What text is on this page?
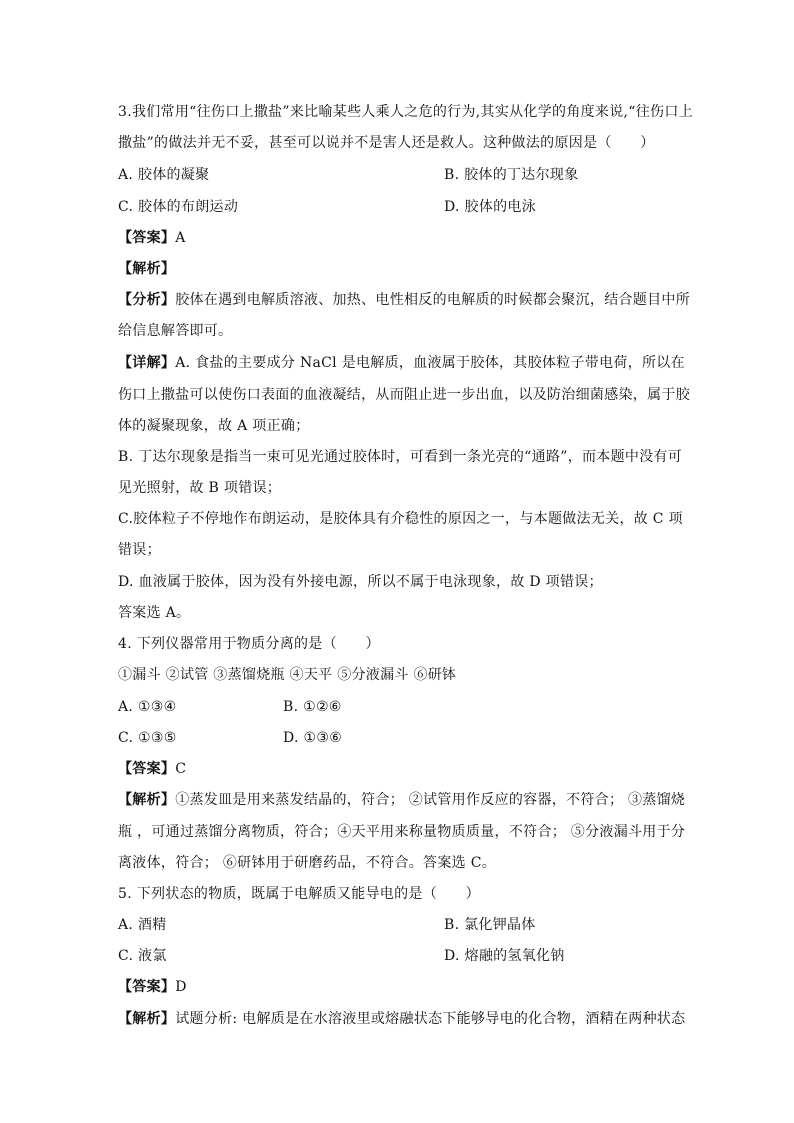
3.我们常用“往伤口上撒盐”来比喻某些人乘人之危的行为,其实从化学的角度来说,“往伤口上
撒盐”的做法并无不妥，甚至可以说并不是害人还是救人。这种做法的原因是（　　）
A. 胶体的凝聚	B. 胶体的丁达尔现象
C. 胶体的布朗运动	D. 胶体的电泳
【答案】A
【解析】
【分析】胶体在遇到电解质溶液、加热、电性相反的电解质的时候都会聚沉，结合题目中所
给信息解答即可。
【详解】A. 食盐的主要成分 NaCl 是电解质，血液属于胶体，其胶体粒子带电荷，所以在
伤口上撒盐可以使伤口表面的血液凝结，从而阻止进一步出血，以及防治细菌感染，属于胶
体的凝聚现象，故 A 项正确；
B. 丁达尔现象是指当一束可见光通过胶体时，可看到一条光亮的“通路”，而本题中没有可
见光照射，故 B 项错误；
C.胶体粒子不停地作布朗运动，是胶体具有介稳性的原因之一，与本题做法无关，故 C 项
错误；
D. 血液属于胶体，因为没有外接电源，所以不属于电泳现象，故 D 项错误；
答案选 A。
4. 下列仪器常用于物质分离的是（　　）
①漏斗 ②试管 ③蒸馏烧瓶 ④天平 ⑤分液漏斗 ⑥研钵
A. ①③④	B. ①②⑥
C. ①③⑤	D. ①③⑥
【答案】C
【解析】①蒸发皿是用来蒸发结晶的，符合； ②试管用作反应的容器，不符合； ③蒸馏烧
瓶 ，可通过蒸馏分离物质，符合；④天平用来称量物质质量，不符合； ⑤分液漏斗用于分
离液体，符合； ⑥研钵用于研磨药品，不符合。答案选 C。
5. 下列状态的物质，既属于电解质又能导电的是（　　）
A. 酒精	B. 氯化钾晶体
C. 液氯	D. 熔融的氢氧化钠
【答案】D
【解析】试题分析: 电解质是在水溶液里或熔融状态下能够导电的化合物，酒精在两种状态
